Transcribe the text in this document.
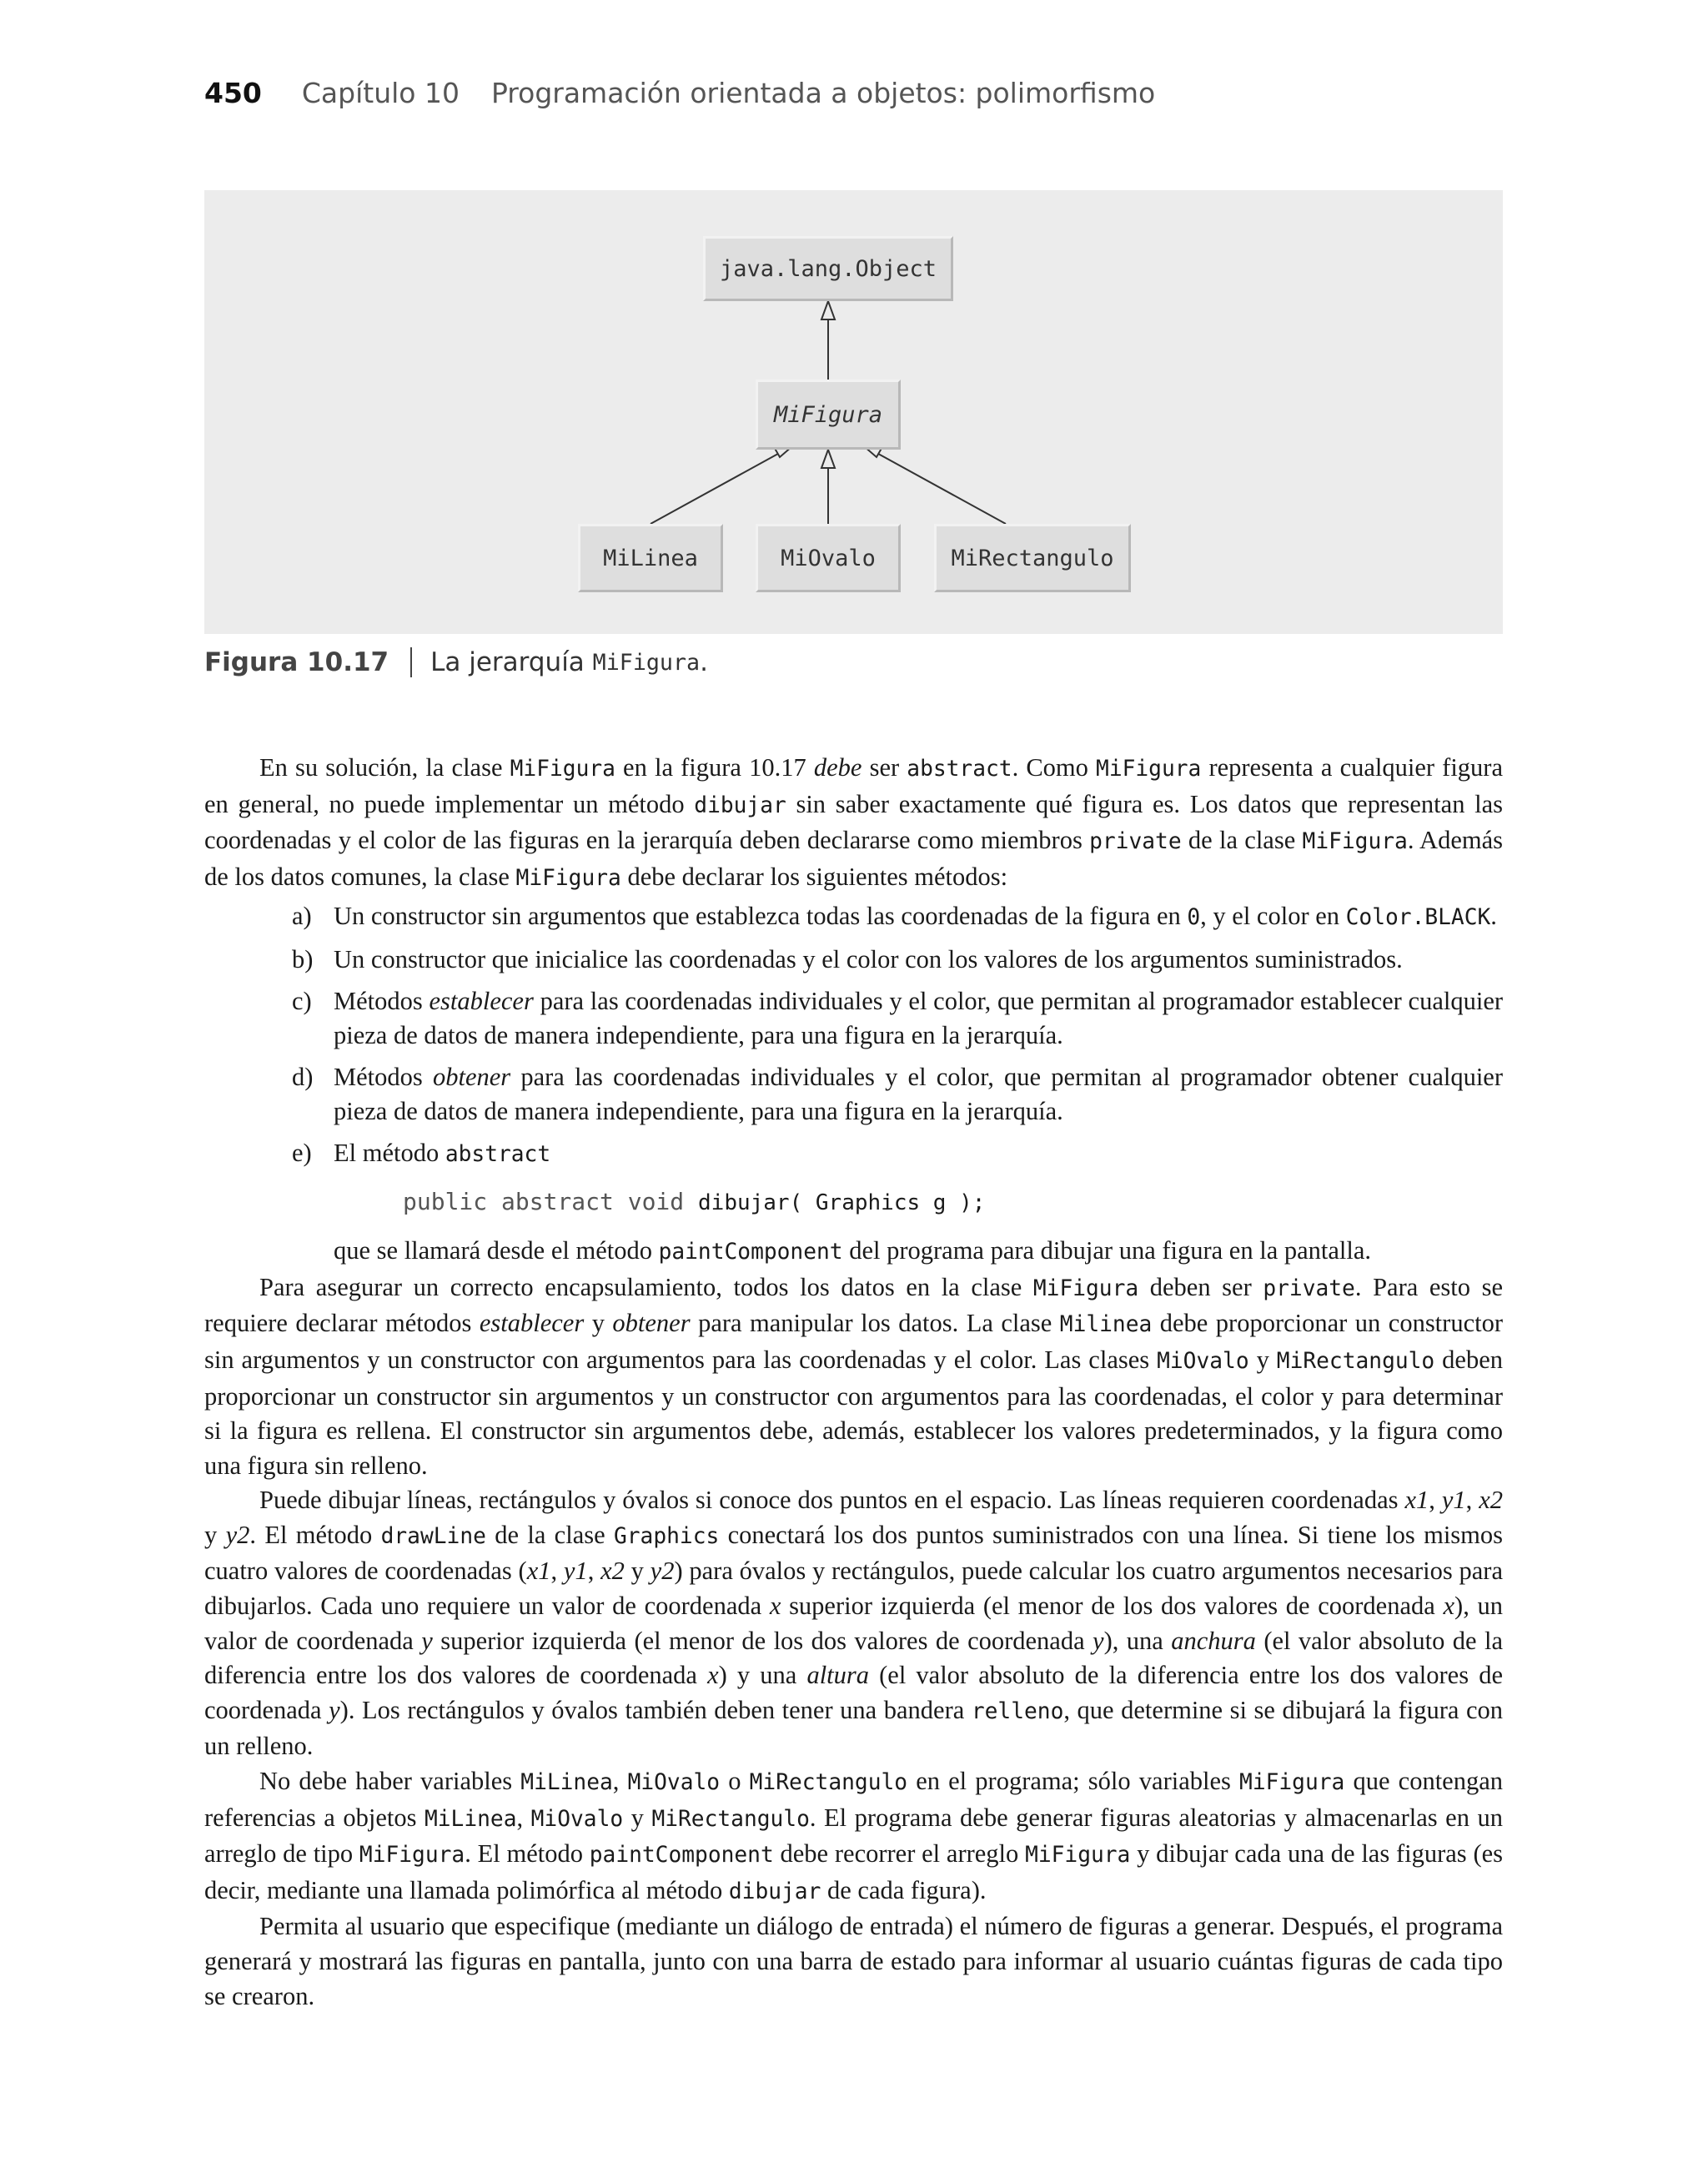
450 Capítulo 10 Programación orientada a objetos: polimorfismo
java.lang.Object
MiFigura
MiLinea	MiOvalo	MiRectangulo
Figura 10.17 La jerarquía
MiFigura .

En su solución, la clase MiFigura en la figura 10.17 debe ser abstract. Como MiFigura representa a cualquier figura en general, no puede implementar un método dibujar sin saber exactamente qué figura es. Los datos que representan las coordenadas y el color de las figuras en la jerarquía deben declararse como miembros private de la clase MiFigura. Además de los datos comunes, la clase MiFigura debe declarar los siguientes métodos:

a) Un constructor sin argumentos que establezca todas las coordenadas de la figura en 0, y el color en Color.BLACK.
b) Un constructor que inicialice las coordenadas y el color con los valores de los argumentos suministrados.
c) Métodos establecer para las coordenadas individuales y el color, que permitan al programador establecer cualquier pieza de datos de manera independiente, para una figura en la jerarquía.
d) Métodos obtener para las coordenadas individuales y el color, que permitan al programador obtener cualquier pieza de datos de manera independiente, para una figura en la jerarquía.
e) El método abstract
public abstract void dibujar( Graphics g );

que se llamará desde el método paintComponent del programa para dibujar una figura en la pantalla.

Para asegurar un correcto encapsulamiento, todos los datos en la clase MiFigura deben ser private. Para esto se requiere declarar métodos establecer y obtener para manipular los datos. La clase Milinea debe proporcionar un constructor sin argumentos y un constructor con argumentos para las coordenadas y el color. Las clases MiOvalo y MiRectangulo deben proporcionar un constructor sin argumentos y un constructor con argumentos para las coordenadas, el color y para determinar si la figura es rellena. El constructor sin argumentos debe, además, establecer los valores predeterminados, y la figura como una figura sin relleno.

Puede dibujar líneas, rectángulos y óvalos si conoce dos puntos en el espacio. Las líneas requieren coordenadas x1, y1, x2 y y2. El método drawLine de la clase Graphics conectará los dos puntos suministrados con una línea. Si tiene los mismos cuatro valores de coordenadas (x1, y1, x2 y y2) para óvalos y rectángulos, puede calcular los cuatro argumentos necesarios para dibujarlos. Cada uno requiere un valor de coordenada x superior izquierda (el menor de los dos valores de coordenada x), un valor de coordenada y superior izquierda (el menor de los dos valores de coordenada y), una anchura (el valor absoluto de la diferencia entre los dos valores de coordenada x) y una altura (el valor absoluto de la diferencia entre los dos valores de coordenada y). Los rectángulos y óvalos también deben tener una bandera relleno, que determine si se dibujará la figura con un relleno.

No debe haber variables MiLinea, MiOvalo o MiRectangulo en el programa; sólo variables MiFigura que contengan referencias a objetos MiLinea, MiOvalo y MiRectangulo. El programa debe generar figuras aleatorias y almacenarlas en un arreglo de tipo MiFigura. El método paintComponent debe recorrer el arreglo MiFigura y dibujar cada una de las figuras (es decir, mediante una llamada polimórfica al método dibujar de cada figura).

Permita al usuario que especifique (mediante un diálogo de entrada) el número de figuras a generar. Después, el programa generará y mostrará las figuras en pantalla, junto con una barra de estado para informar al usuario cuántas figuras de cada tipo se crearon.
